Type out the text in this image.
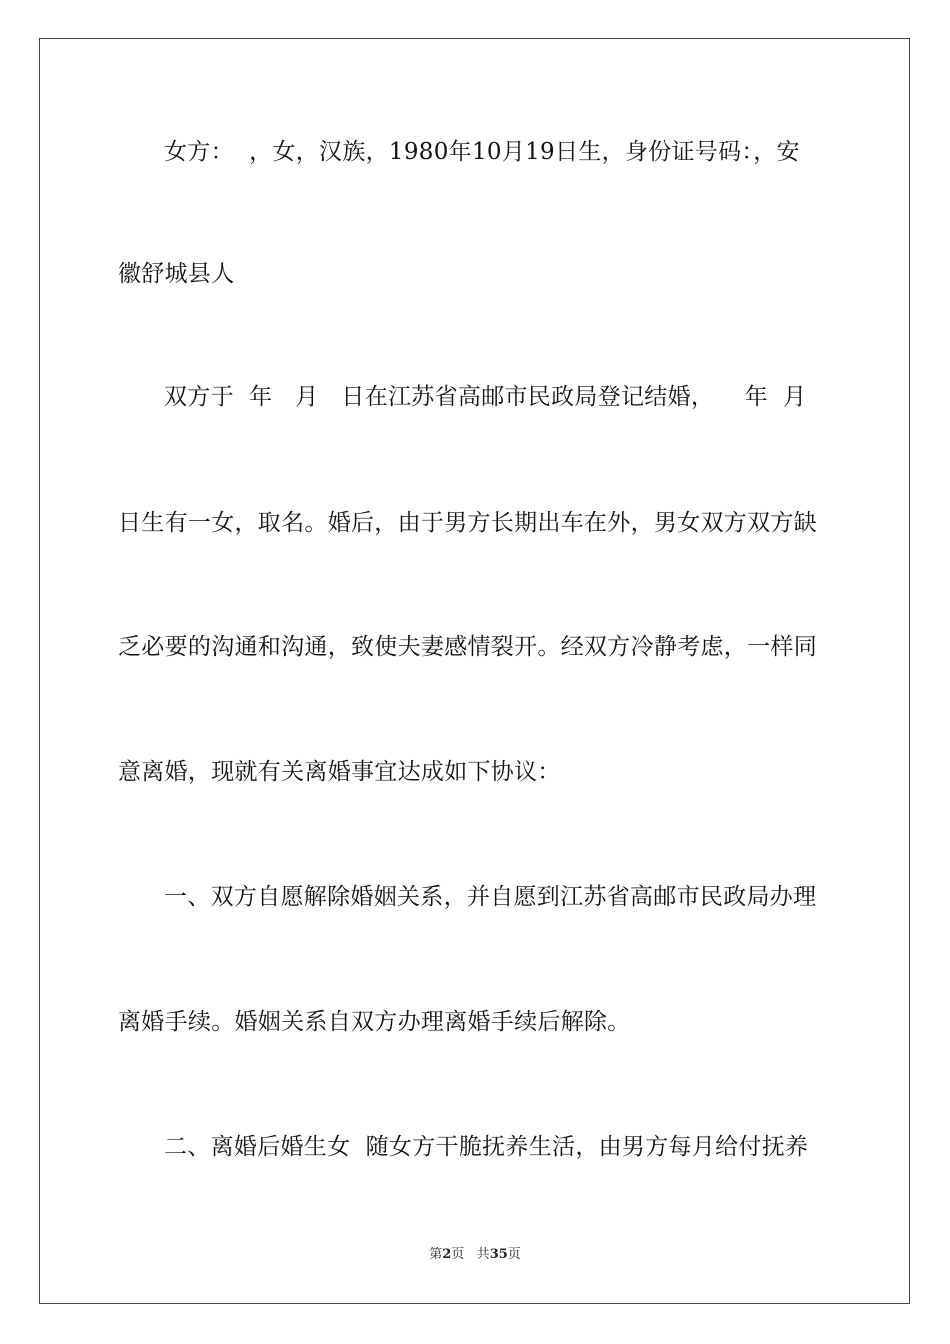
女方：  ，女，汉族，1980年10月19日生，身份证号码：，安
徽舒城县人
双方于  年   月   日在江苏省高邮市民政局登记结婚，    年  月
日生有一女，取名。婚后，由于男方长期出车在外，男女双方双方缺
乏必要的沟通和沟通，致使夫妻感情裂开。经双方冷静考虑，一样同
意离婚，现就有关离婚事宜达成如下协议：
一、双方自愿解除婚姻关系，并自愿到江苏省高邮市民政局办理
离婚手续。婚姻关系自双方办理离婚手续后解除。
二、离婚后婚生女  随女方干脆抚养生活，由男方每月给付抚养
第2页 共35页
